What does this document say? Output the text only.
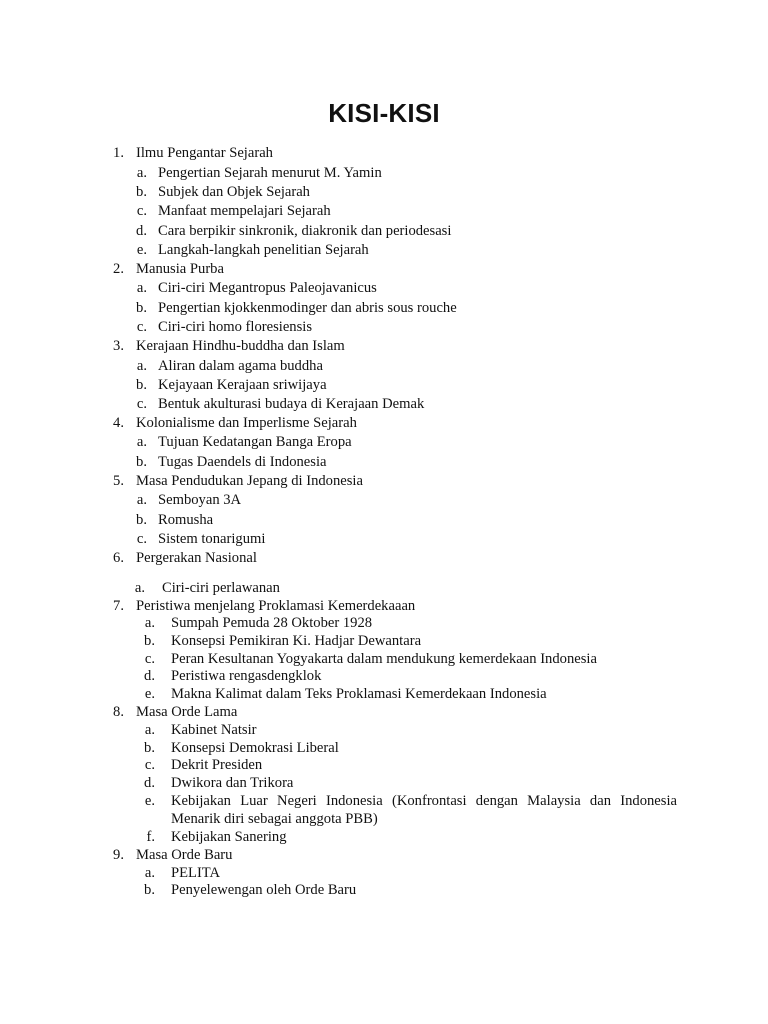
KISI-KISI
1. Ilmu Pengantar Sejarah
a. Pengertian Sejarah menurut M. Yamin
b. Subjek dan Objek Sejarah
c. Manfaat mempelajari Sejarah
d. Cara berpikir sinkronik, diakronik dan periodesasi
e. Langkah-langkah penelitian Sejarah
2. Manusia Purba
a. Ciri-ciri Megantropus Paleojavanicus
b. Pengertian kjokkenmodinger dan abris sous rouche
c. Ciri-ciri homo floresiensis
3. Kerajaan Hindhu-buddha dan Islam
a. Aliran dalam agama buddha
b. Kejayaan Kerajaan sriwijaya
c. Bentuk akulturasi budaya di Kerajaan Demak
4. Kolonialisme dan Imperlisme Sejarah
a. Tujuan Kedatangan Banga Eropa
b. Tugas Daendels di Indonesia
5. Masa Pendudukan Jepang di Indonesia
a. Semboyan 3A
b. Romusha
c. Sistem tonarigumi
6. Pergerakan Nasional
a. Ciri-ciri perlawanan
7. Peristiwa menjelang Proklamasi Kemerdekaaan
a. Sumpah Pemuda 28 Oktober 1928
b. Konsepsi Pemikiran Ki. Hadjar Dewantara
c. Peran Kesultanan Yogyakarta dalam mendukung kemerdekaan Indonesia
d. Peristiwa rengasdengklok
e. Makna Kalimat dalam Teks Proklamasi Kemerdekaan Indonesia
8. Masa Orde Lama
a. Kabinet Natsir
b. Konsepsi Demokrasi Liberal
c. Dekrit Presiden
d. Dwikora dan Trikora
e. Kebijakan Luar Negeri Indonesia (Konfrontasi dengan Malaysia dan Indonesia Menarik diri sebagai anggota PBB)
f. Kebijakan Sanering
9. Masa Orde Baru
a. PELITA
b. Penyelewengan oleh Orde Baru
